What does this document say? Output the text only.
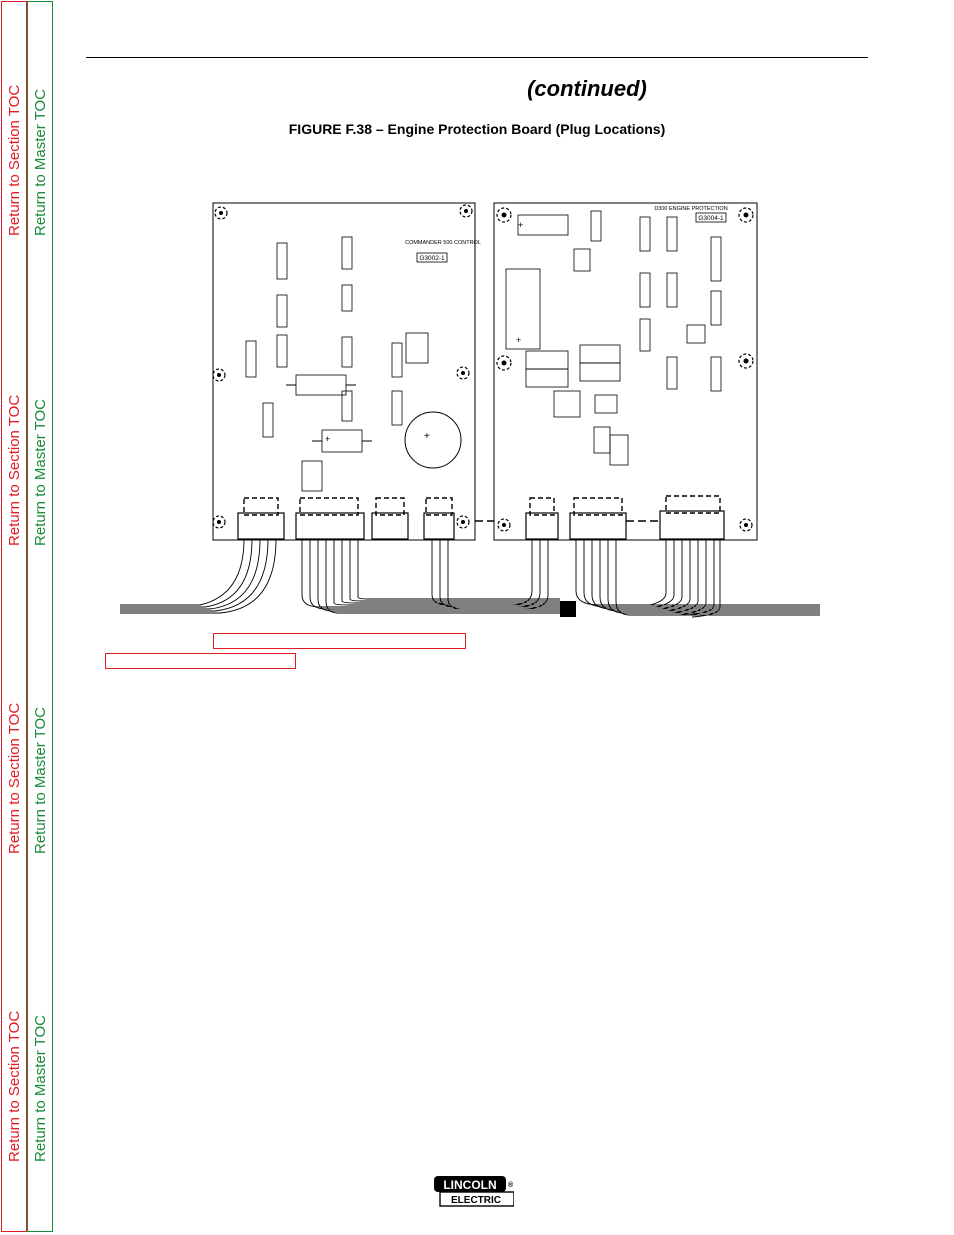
Return to Section TOC Return to Master TOC
Return to Section TOC Return to Master TOC
Return to Section TOC Return to Master TOC
Return to Section TOC Return to Master TOC
(continued)
FIGURE F.38 – Engine Protection Board (Plug Locations)
+
+
COMMANDER 500 CONTROL
G3002-1
D300 ENGINE PROTECTION
G3004-1
+
+
LINCOLN
ELECTRIC
®
